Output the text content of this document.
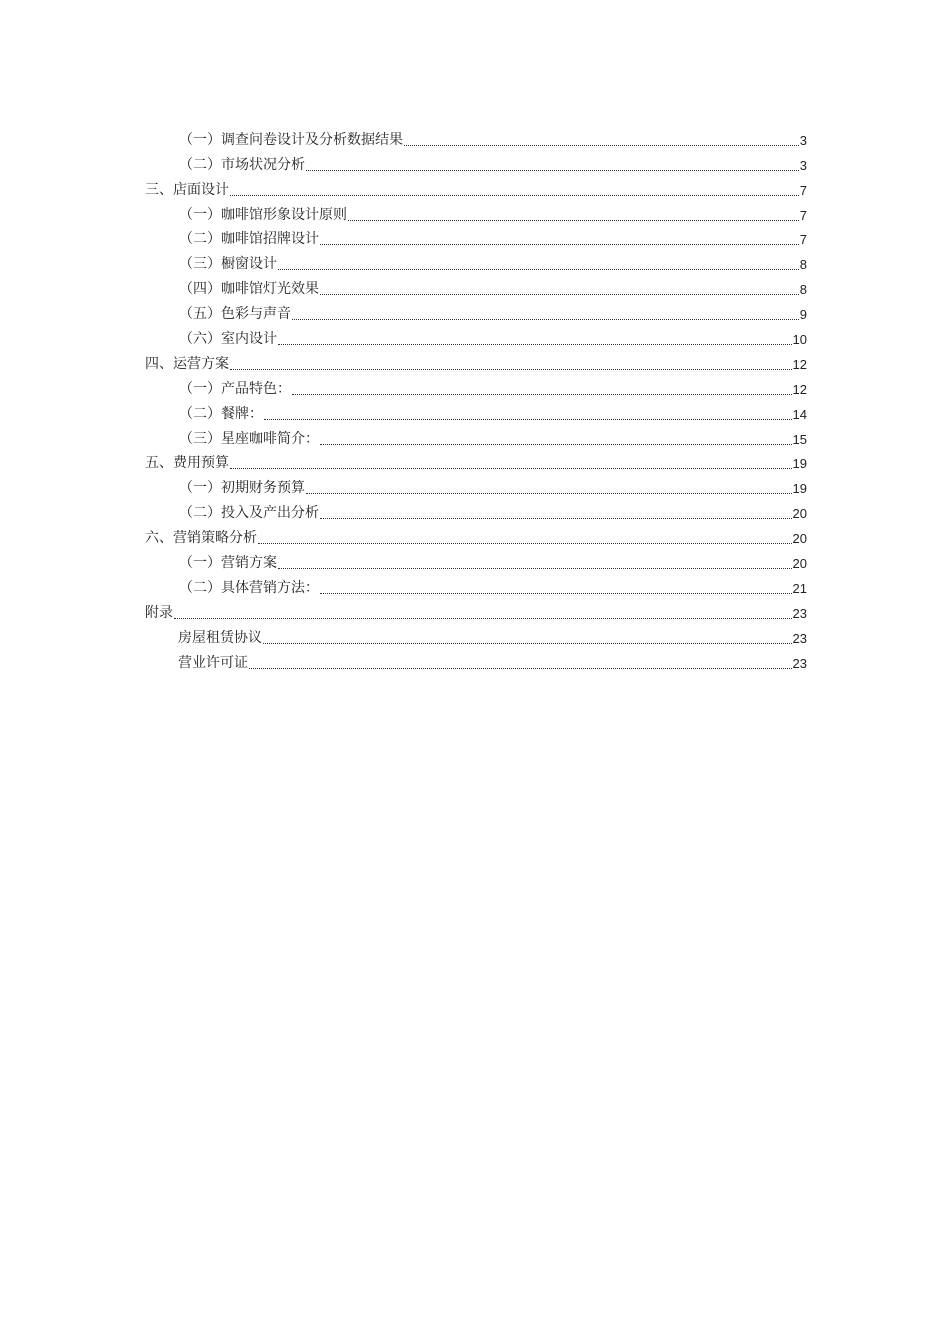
（一）调查问卷设计及分析数据结果	3
（二）市场状况分析	3
三、店面设计	7
（一）咖啡馆形象设计原则	7
（二）咖啡馆招牌设计	7
（三）橱窗设计	8
（四）咖啡馆灯光效果	8
（五）色彩与声音	9
（六）室内设计	10
四、运营方案	12
（一）产品特色：	12
（二）餐牌：	14
（三）星座咖啡简介：	15
五、费用预算	19
（一）初期财务预算	19
（二）投入及产出分析	20
六、营销策略分析	20
（一）营销方案	20
（二）具体营销方法：	21
附录	23
房屋租赁协议	23
营业许可证	23
